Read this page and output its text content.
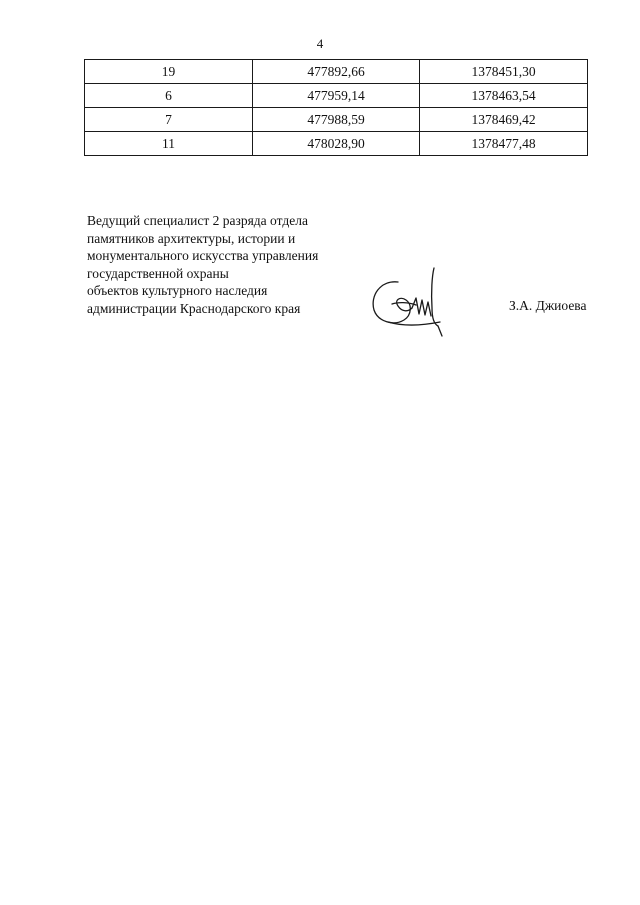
4
19	477892,66	1378451,30
6	477959,14	1378463,54
7	477988,59	1378469,42
11	478028,90	1378477,48
Ведущий специалист 2 разряда отдела
памятников архитектуры, истории и
монументального искусства управления
государственной охраны
объектов культурного наследия
администрации Краснодарского края	З.А. Джиоева
